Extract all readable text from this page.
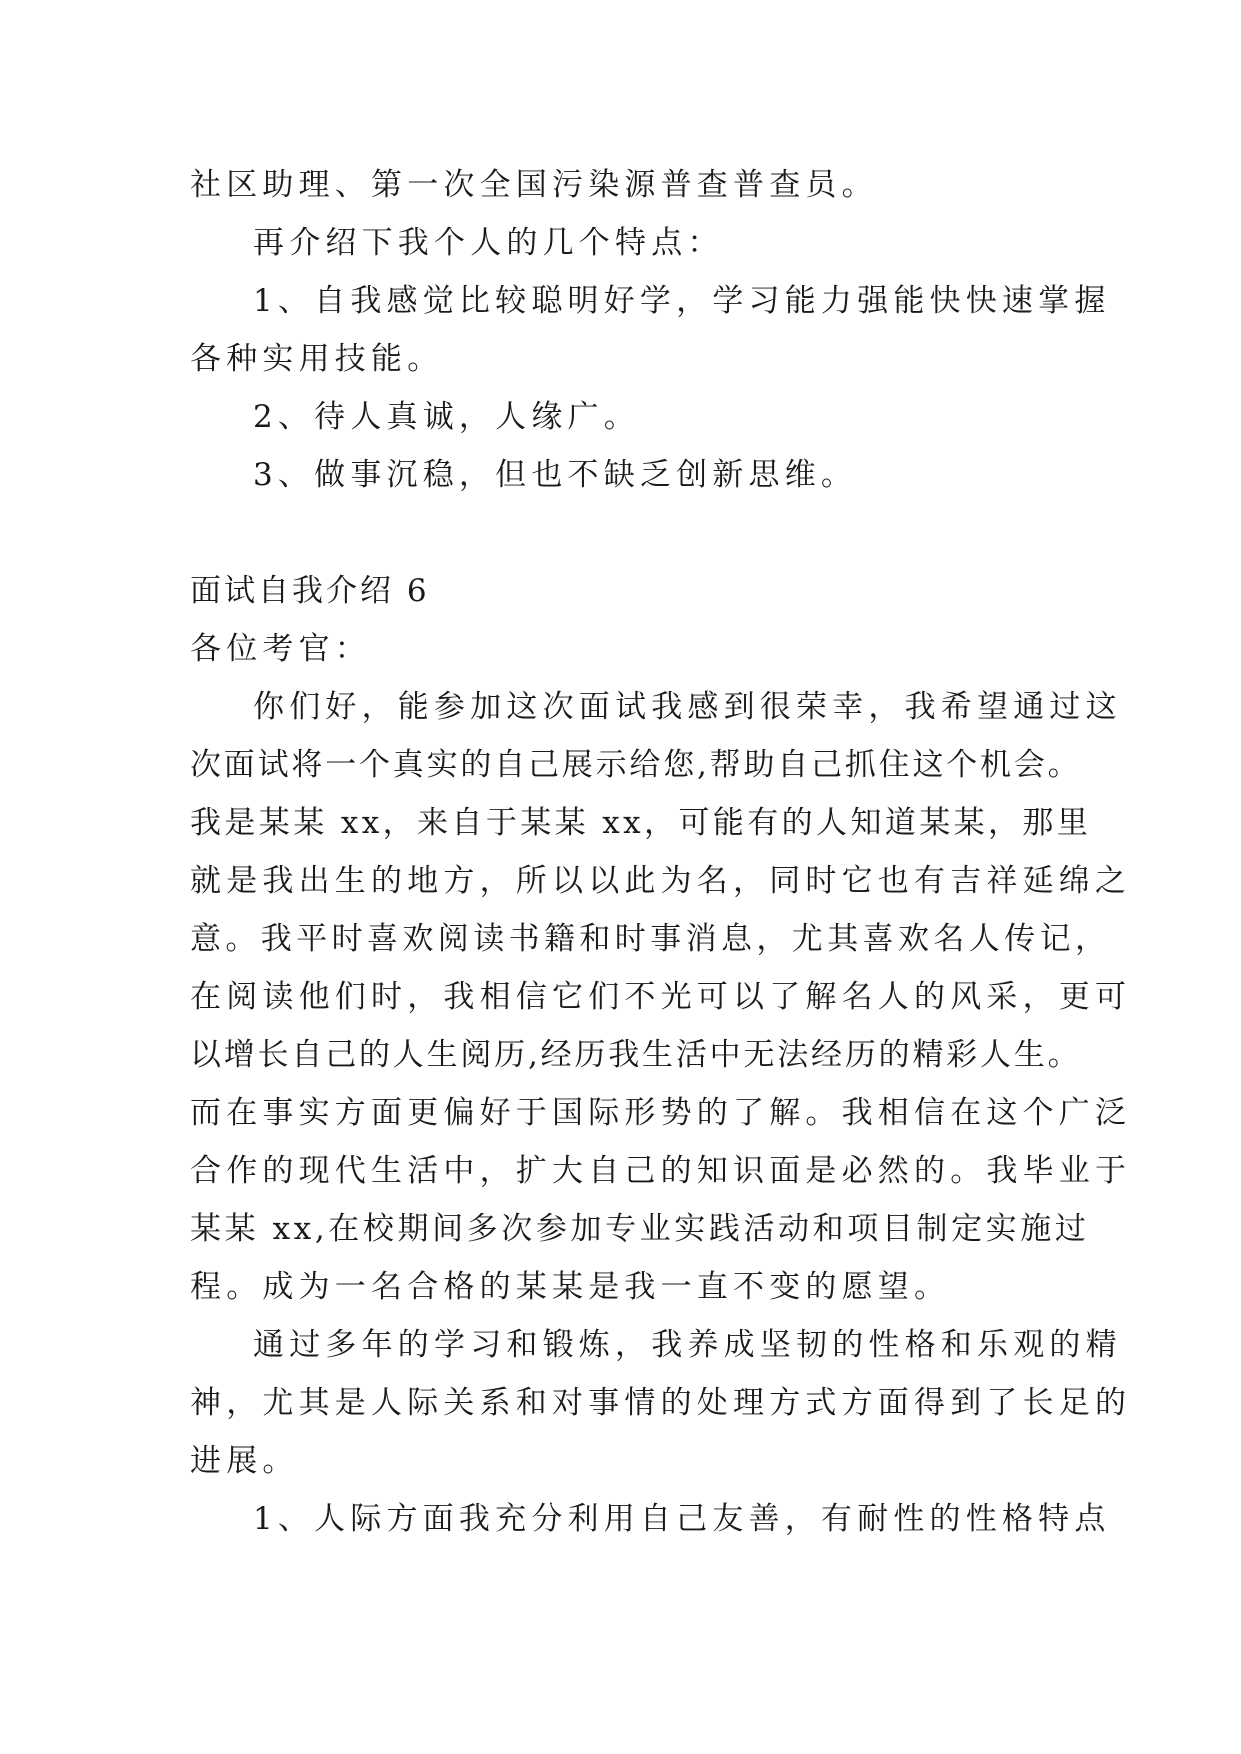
社区助理、第一次全国污染源普查普查员。

再介绍下我个人的几个特点：

1、自我感觉比较聪明好学，学习能力强能快快速掌握

各种实用技能。

2、待人真诚，人缘广。

3、做事沉稳，但也不缺乏创新思维。

面试自我介绍 6

各位考官：

你们好，能参加这次面试我感到很荣幸，我希望通过这

次面试将一个真实的自己展示给您,帮助自己抓住这个机会。

我是某某 xx，来自于某某 xx，可能有的人知道某某，那里

就是我出生的地方，所以以此为名，同时它也有吉祥延绵之

意。我平时喜欢阅读书籍和时事消息，尤其喜欢名人传记，

在阅读他们时，我相信它们不光可以了解名人的风采，更可

以增长自己的人生阅历,经历我生活中无法经历的精彩人生。

而在事实方面更偏好于国际形势的了解。我相信在这个广泛

合作的现代生活中，扩大自己的知识面是必然的。我毕业于

某某 xx,在校期间多次参加专业实践活动和项目制定实施过

程。成为一名合格的某某是我一直不变的愿望。

通过多年的学习和锻炼，我养成坚韧的性格和乐观的精

神，尤其是人际关系和对事情的处理方式方面得到了长足的

进展。

1、人际方面我充分利用自己友善，有耐性的性格特点
